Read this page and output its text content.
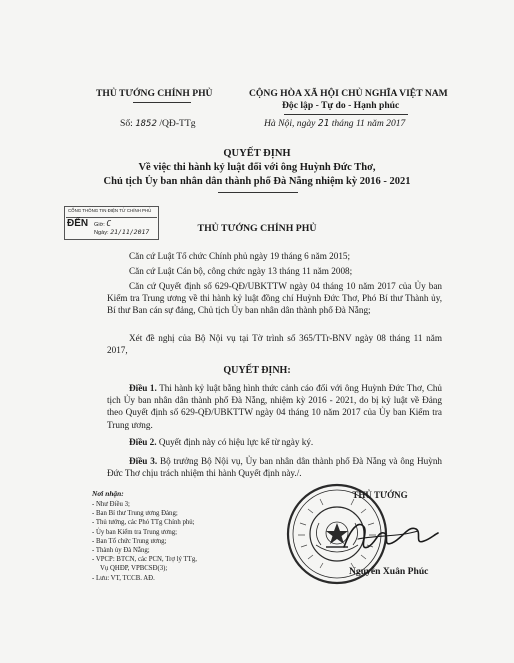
THỦ TƯỚNG CHÍNH PHỦ	CỘNG HÒA XÃ HỘI CHỦ NGHĨA VIỆT NAM
Độc lập - Tự do - Hạnh phúc
Số: 1852 /QĐ-TTg	Hà Nội, ngày 21 tháng 11 năm 2017
QUYẾT ĐỊNH
Về việc thi hành kỷ luật đối với ông Huỳnh Đức Thơ,
Chủ tịch Ủy ban nhân dân thành phố Đà Nẵng nhiệm kỳ 2016 - 2021
CỔNG THÔNG TIN ĐIỆN TỬ CHÍNH PHỦ
ĐẾN Giờ: C
Ngày: 21/11/2017	THỦ TƯỚNG CHÍNH PHỦ
Căn cứ Luật Tổ chức Chính phủ ngày 19 tháng 6 năm 2015;
Căn cứ Luật Cán bộ, công chức ngày 13 tháng 11 năm 2008;
Căn cứ Quyết định số 629-QĐ/UBKTTW ngày 04 tháng 10 năm 2017 của Ủy ban Kiểm tra Trung ương về thi hành kỷ luật đồng chí Huỳnh Đức Thơ, Phó Bí thư Thành ủy, Bí thư Ban cán sự đảng, Chủ tịch Ủy ban nhân dân thành phố Đà Nẵng;
Xét đề nghị của Bộ Nội vụ tại Tờ trình số 365/TTr-BNV ngày 08 tháng 11 năm 2017,
QUYẾT ĐỊNH:
Điều 1. Thi hành kỷ luật bằng hình thức cảnh cáo đối với ông Huỳnh Đức Thơ, Chủ tịch Ủy ban nhân dân thành phố Đà Nẵng, nhiệm kỳ 2016 - 2021, do bị kỷ luật về Đảng theo Quyết định số 629-QĐ/UBKTTW ngày 04 tháng 10 năm 2017 của Ủy ban Kiểm tra Trung ương.
Điều 2. Quyết định này có hiệu lực kể từ ngày ký.
Điều 3. Bộ trưởng Bộ Nội vụ, Ủy ban nhân dân thành phố Đà Nẵng và ông Huỳnh Đức Thơ chịu trách nhiệm thi hành Quyết định này./.
Nơi nhận:
- Như Điều 3;
- Ban Bí thư Trung ương Đảng;
- Thủ tướng, các Phó TTg Chính phủ;
- Ủy ban Kiểm tra Trung ương;
- Ban Tổ chức Trung ương;
- Thành ủy Đà Nẵng;
- VPCP: BTCN, các PCN, Trợ lý TTg,
Vụ QHĐP, VPBCSĐ(3);
- Lưu: VT, TCCB. AĐ.
THỦ TƯỚNG
Nguyễn Xuân Phúc
